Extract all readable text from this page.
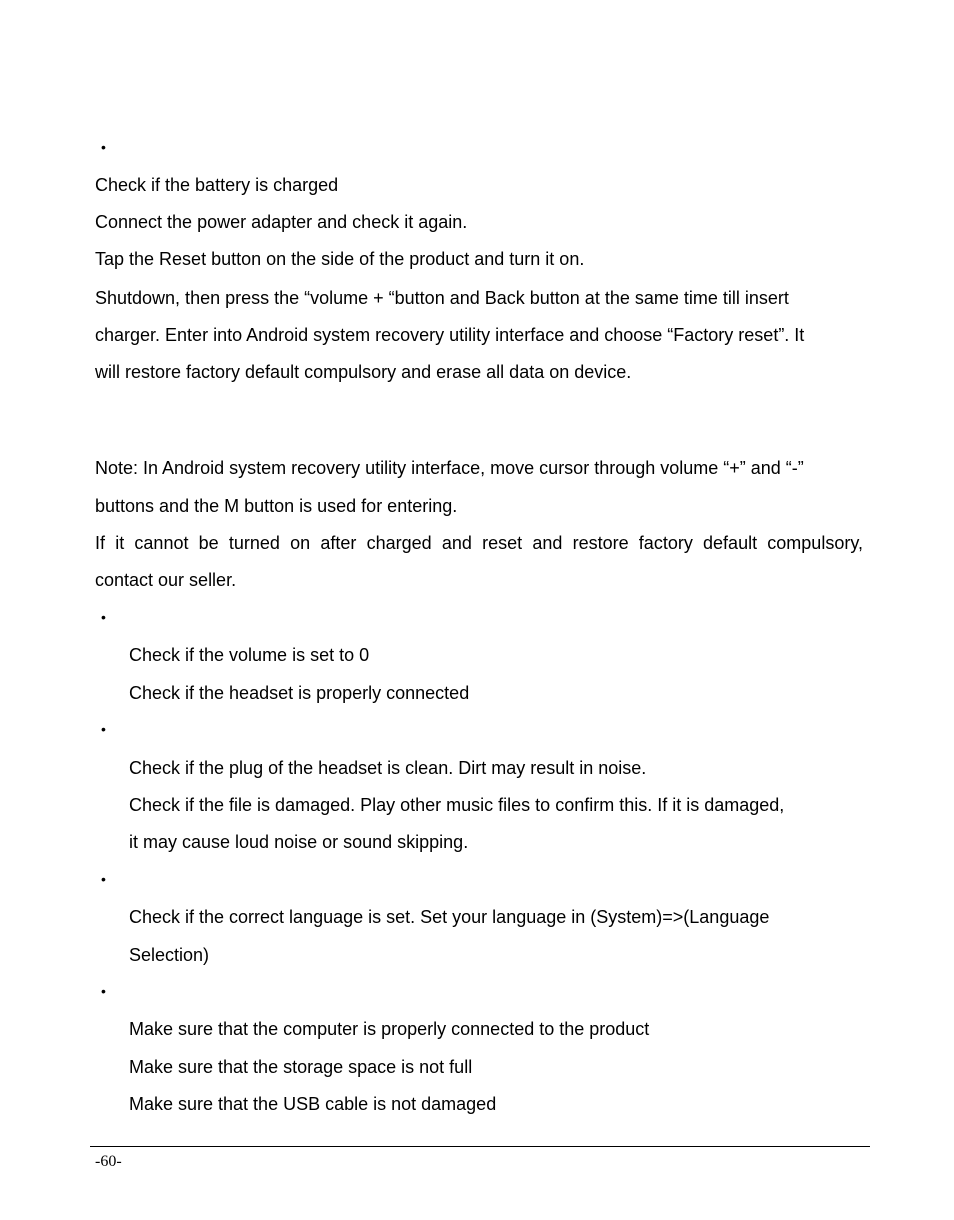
•
Check if the battery is charged
Connect the power adapter and check it again.
Tap the Reset button on the side of the product and turn it on.
Shutdown, then press the “volume + “button and Back button at the same time till insert
charger. Enter into Android system recovery utility interface and choose “Factory reset”. It
will restore factory default compulsory and erase all data on device.
Note: In Android system recovery utility interface, move cursor through volume “+” and “-”
buttons and the M button is used for entering.
If it cannot be turned on after charged and reset and restore factory default compulsory,
contact our seller.
•
Check if the volume is set to 0
Check if the headset is properly connected
•
Check if the plug of the headset is clean. Dirt may result in noise.
Check if the file is damaged. Play other music files to confirm this. If it is damaged,
it may cause loud noise or sound skipping.
•
Check if the correct language is set. Set your language in (System)=>(Language
Selection)
•
Make sure that the computer is properly connected to the product
Make sure that the storage space is not full
Make sure that the USB cable is not damaged
-60-
